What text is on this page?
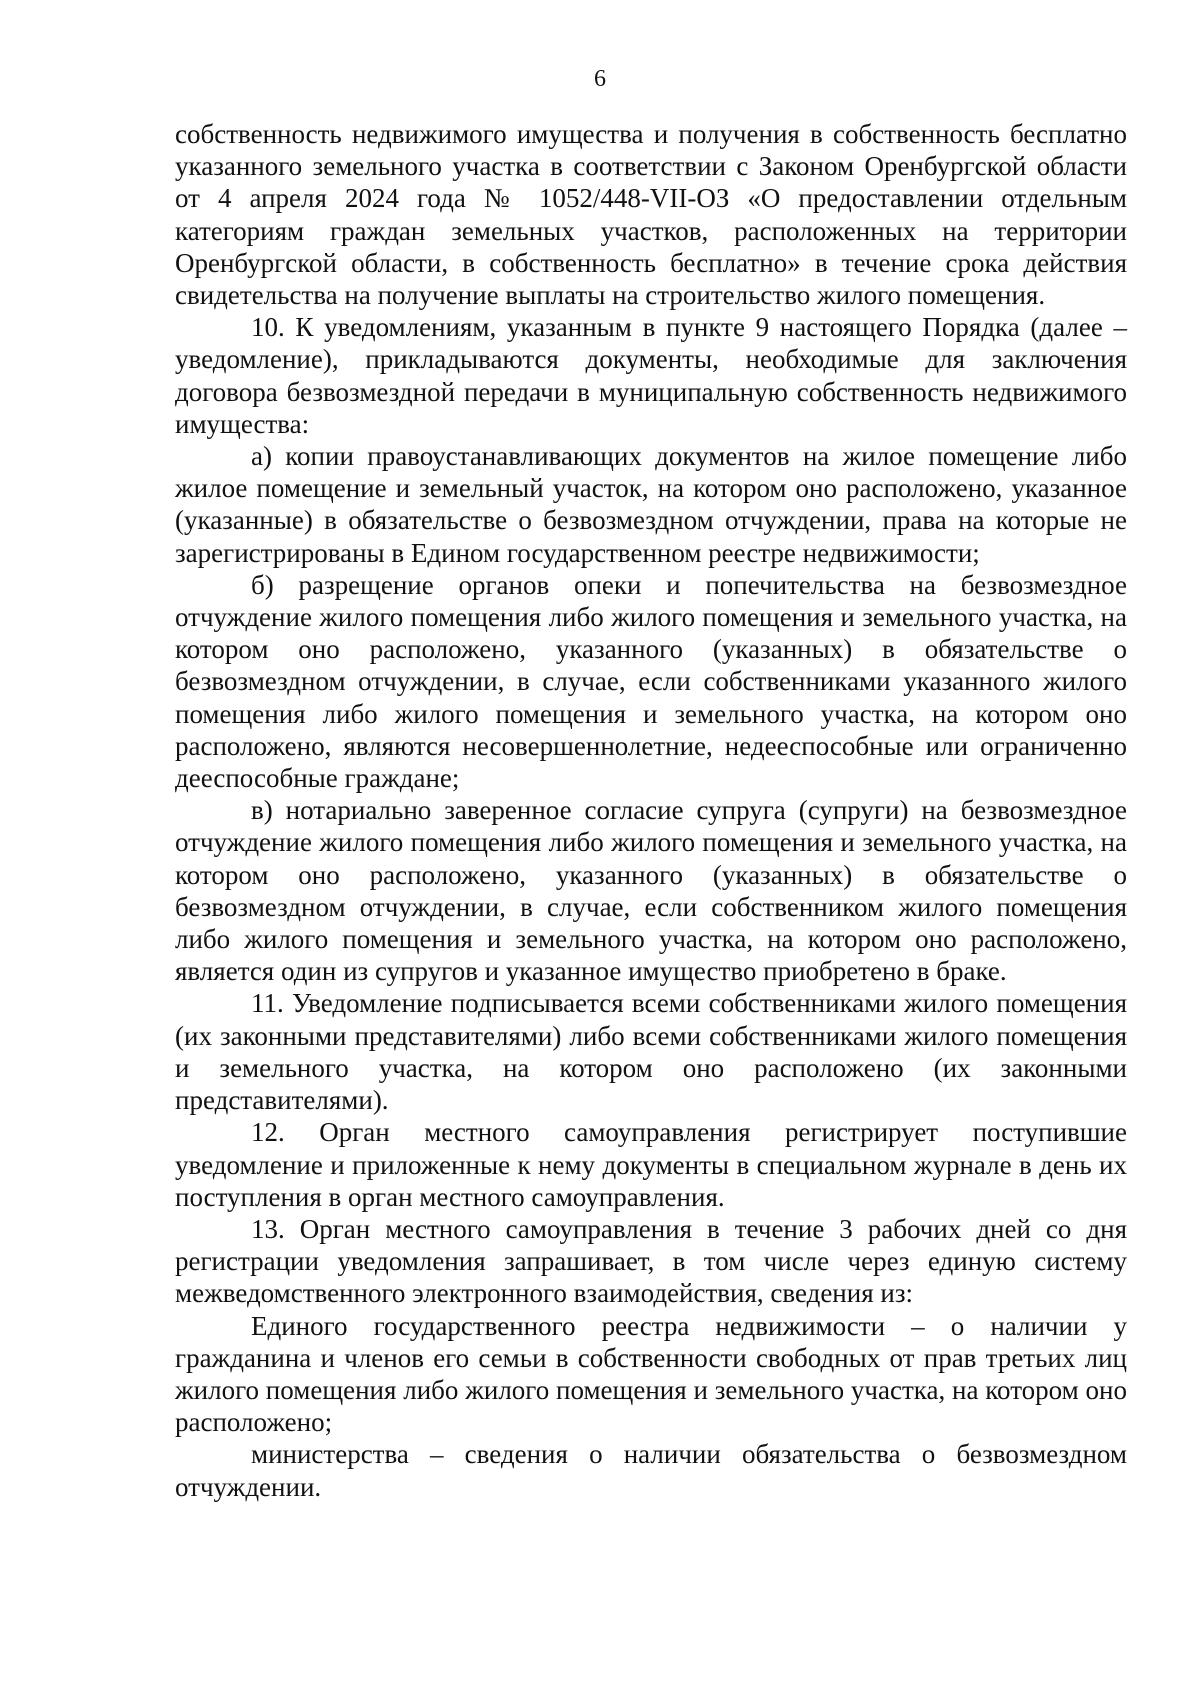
6

собственность недвижимого имущества и получения в собственность бесплатно указанного земельного участка в соответствии с Законом Оренбургской области от 4 апреля 2024 года № 1052/448-VII-ОЗ «О предоставлении отдельным категориям граждан земельных участков, расположенных на территории Оренбургской области, в собственность бесплатно» в течение срока действия свидетельства на получение выплаты на строительство жилого помещения.

10. К уведомлениям, указанным в пункте 9 настоящего Порядка (далее – уведомление), прикладываются документы, необходимые для заключения договора безвозмездной передачи в муниципальную собственность недвижимого имущества:

а) копии правоустанавливающих документов на жилое помещение либо жилое помещение и земельный участок, на котором оно расположено, указанное (указанные) в обязательстве о безвозмездном отчуждении, права на которые не зарегистрированы в Едином государственном реестре недвижимости;

б) разрещение органов опеки и попечительства на безвозмездное отчуждение жилого помещения либо жилого помещения и земельного участка, на котором оно расположено, указанного (указанных) в обязательстве о безвозмездном отчуждении, в случае, если собственниками указанного жилого помещения либо жилого помещения и земельного участка, на котором оно расположено, являются несовершеннолетние, недееспособные или ограниченно дееспособные граждане;

в) нотариально заверенное согласие супруга (супруги) на безвозмездное отчуждение жилого помещения либо жилого помещения и земельного участка, на котором оно расположено, указанного (указанных) в обязательстве о безвозмездном отчуждении, в случае, если собственником жилого помещения либо жилого помещения и земельного участка, на котором оно расположено, является один из супругов и указанное имущество приобретено в браке.

11. Уведомление подписывается всеми собственниками жилого помещения (их законными представителями) либо всеми собственниками жилого помещения и земельного участка, на котором оно расположено (их законными представителями).

12. Орган местного самоуправления регистрирует поступившие уведомление и приложенные к нему документы в специальном журнале в день их поступления в орган местного самоуправления.

13. Орган местного самоуправления в течение 3 рабочих дней со дня регистрации уведомления запрашивает, в том числе через единую систему межведомственного электронного взаимодействия, сведения из:

Единого государственного реестра недвижимости – о наличии у гражданина и членов его семьи в собственности свободных от прав третьих лиц жилого помещения либо жилого помещения и земельного участка, на котором оно расположено;

министерства – сведения о наличии обязательства о безвозмездном отчуждении.
